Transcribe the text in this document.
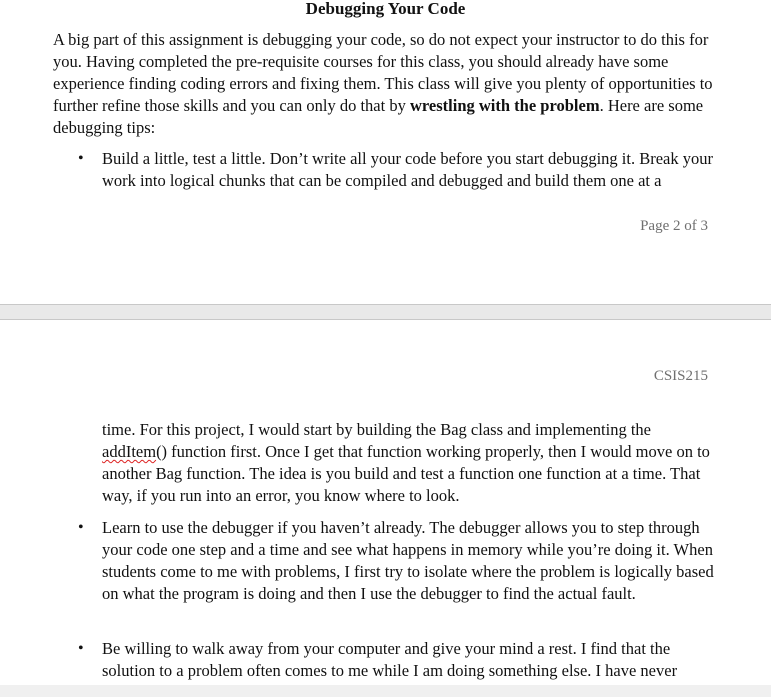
Debugging Your Code

A big part of this assignment is debugging your code, so do not expect your instructor to do this for you. Having completed the pre-requisite courses for this class, you should already have some experience finding coding errors and fixing them. This class will give you plenty of opportunities to further refine those skills and you can only do that by wrestling with the problem. Here are some debugging tips:

• Build a little, test a little. Don’t write all your code before you start debugging it. Break your work into logical chunks that can be compiled and debugged and build them one at a

Page 2 of 3
CSIS215

time. For this project, I would start by building the Bag class and implementing the addItem() function first. Once I get that function working properly, then I would move on to another Bag function. The idea is you build and test a function one function at a time. That way, if you run into an error, you know where to look.

• Learn to use the debugger if you haven’t already. The debugger allows you to step through your code one step and a time and see what happens in memory while you’re doing it. When students come to me with problems, I first try to isolate where the problem is logically based on what the program is doing and then I use the debugger to find the actual fault.

• Be willing to walk away from your computer and give your mind a rest. I find that the solution to a problem often comes to me while I am doing something else. I have never
